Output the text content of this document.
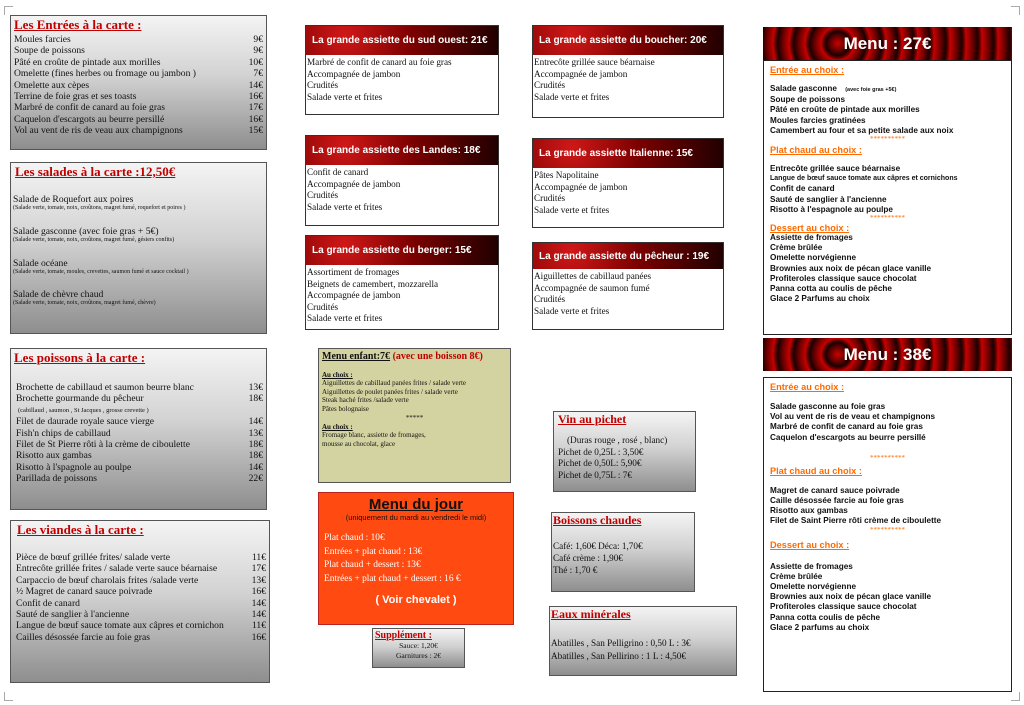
Les Entrées à la carte :
Moules farcies	9€
Soupe de poissons	9€
Pâté en croûte de pintade aux morilles	10€
Omelette (fines herbes ou fromage ou jambon )	7€
Omelette aux cèpes	14€
Terrine de foie gras et ses toasts	16€
Marbré de confit de canard au foie gras	17€
Caquelon d'escargots au beurre persillé	16€
Vol au vent de ris de veau aux champignons	15€
Les salades à la carte :12,50€
Salade de Roquefort aux poires
(Salade verte, tomate, noix, croûtons, magret fumé, roquefort et poires )
Salade gasconne (avec foie gras + 5€)
(Salade verte, tomate, noix, croûtons, magret fumé, gésiers confits)
Salade océane
(Salade verte, tomate, moules, crevettes, saumon fumé et sauce cocktail )
Salade de chèvre chaud
(Salade verte, tomate, noix, croûtons, magret fumé, chèvre)
Les poissons à la carte :
Brochette de cabillaud et saumon beurre blanc	13€
Brochette gourmande du pêcheur	18€
(cabillaud , saumon , St Jacques , grosse crevette )
Filet de daurade royale sauce vierge	14€
Fish'n chips de cabillaud	13€
Filet de St Pierre rôti à la crème de ciboulette	18€
Risotto aux gambas	18€
Risotto à l'spagnole au poulpe	14€
Parillada de poissons	22€
Les viandes à la carte :
Pièce de bœuf grillée frites/ salade verte	11€
Entrecôte grillée frites / salade verte sauce béarnaise	17€
Carpaccio de bœuf charolais frites /salade verte	13€
½ Magret de canard sauce poivrade	16€
Confit de canard	14€
Sauté de sanglier à l'ancienne	14€
Langue de bœuf sauce tomate aux câpres et cornichon	11€
Cailles désossée farcie au foie gras	16€
La grande assiette du sud ouest: 21€
Marbré de confit de canard au foie gras
Accompagnée de jambon
Crudités
Salade verte et frites
La grande assiette des Landes: 18€
Confit de canard
Accompagnée de jambon
Crudités
Salade verte et frites
La grande assiette du berger: 15€
Assortiment de fromages
Beignets de camembert, mozzarella
Accompagnée de jambon
Crudités
Salade verte et frites
La grande assiette du boucher: 20€
Entrecôte grillée sauce béarnaise
Accompagnée de jambon
Crudités
Salade verte et frites
La grande assiette Italienne: 15€
Pâtes Napolitaine
Accompagnée de jambon
Crudités
Salade verte et frites
La grande assiette du pêcheur : 19€
Aiguillettes de cabillaud panées
Accompagnée de saumon fumé
Crudités
Salade verte et frites
Menu enfant:7€ (avec une boisson 8€)
Au choix :
Aiguillettes de cabillaud panées frites / salade verte
Aiguillettes de poulet panées frites / salade verte
Steak haché frites /salade verte
Pâtes bolognaise
*****
Au choix :
Fromage blanc, assiette de fromages,
mousse au chocolat, glace
Menu du jour
(uniquement du mardi au vendredi le midi)
Plat chaud : 10€
Entrées + plat chaud : 13€
Plat chaud + dessert : 13€
Entrées + plat chaud + dessert : 16 €
( Voir chevalet )
Supplément :
Sauce: 1,20€
Garnitures : 2€
Vin au pichet
(Duras rouge , rosé , blanc)
Pichet de 0,25L : 3,50€
Pichet de 0,50L: 5,90€
Pichet de 0,75L : 7€
Boissons chaudes
Café: 1,60€ Déca: 1,70€
Café crème : 1,90€
Thé : 1,70 €
Eaux minérales
Abatilles , San Pelligrino : 0,50 L : 3€
Abatilles , San Pellirino : 1 L : 4,50€
Menu : 27€
Entrée au choix :
Salade gasconne (avec foie gras +5€)
Soupe de poissons
Pâté en croûte de pintade aux morilles
Moules farcies gratinées
Camembert au four et sa petite salade aux noix
**********
Plat chaud au choix :
Entrecôte grillée sauce béarnaise
Langue de bœuf sauce tomate aux câpres et cornichons
Confit de canard
Sauté de sanglier à l'ancienne
Risotto à l'espagnole au poulpe
**********
Dessert au choix :
Assiette de fromages
Crème brûlée
Omelette norvégienne
Brownies aux noix de pécan glace vanille
Profiteroles classique sauce chocolat
Panna cotta au coulis de pêche
Glace 2 Parfums au choix
Menu : 38€
Entrée au choix :
Salade gasconne au foie gras
Vol au vent de ris de veau et champignons
Marbré de confit de canard au foie gras
Caquelon d'escargots au beurre persillé
**********
Plat chaud au choix :
Magret de canard sauce poivrade
Caille désossée farcie au foie gras
Risotto aux gambas
Filet de Saint Pierre rôti crème de ciboulette
**********
Dessert au choix :
Assiette de fromages
Crème brûlée
Omelette norvégienne
Brownies aux noix de pécan glace vanille
Profiteroles classique sauce chocolat
Panna cotta coulis de pêche
Glace 2 parfums au choix
